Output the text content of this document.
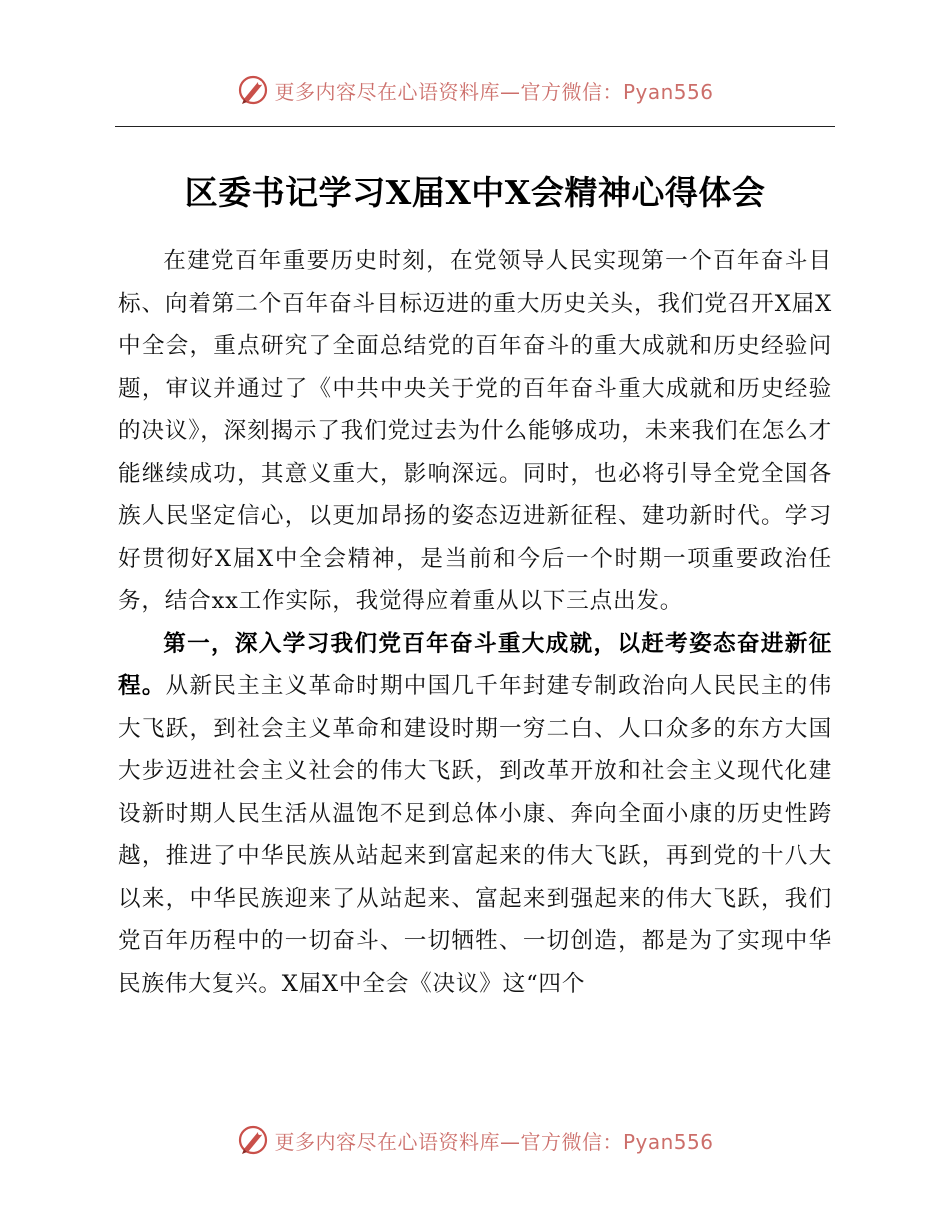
更多内容尽在心语资料库—官方微信：Pyan556
区委书记学习X届X中X会精神心得体会

在建党百年重要历史时刻，在党领导人民实现第一个百年奋斗目标、向着第二个百年奋斗目标迈进的重大历史关头，我们党召开X届X中全会，重点研究了全面总结党的百年奋斗的重大成就和历史经验问题，审议并通过了《中共中央关于党的百年奋斗重大成就和历史经验的决议》，深刻揭示了我们党过去为什么能够成功，未来我们在怎么才能继续成功，其意义重大，影响深远。同时，也必将引导全党全国各族人民坚定信心，以更加昂扬的姿态迈进新征程、建功新时代。学习好贯彻好X届X中全会精神，是当前和今后一个时期一项重要政治任务，结合xx工作实际，我觉得应着重从以下三点出发。

第一，深入学习我们党百年奋斗重大成就，以赶考姿态奋进新征程。从新民主主义革命时期中国几千年封建专制政治向人民民主的伟大飞跃，到社会主义革命和建设时期一穷二白、人口众多的东方大国大步迈进社会主义社会的伟大飞跃，到改革开放和社会主义现代化建设新时期人民生活从温饱不足到总体小康、奔向全面小康的历史性跨越，推进了中华民族从站起来到富起来的伟大飞跃，再到党的十八大以来，中华民族迎来了从站起来、富起来到强起来的伟大飞跃，我们党百年历程中的一切奋斗、一切牺牲、一切创造，都是为了实现中华民族伟大复兴。X届X中全会《决议》这“四个

更多内容尽在心语资料库—官方微信：Pyan556
